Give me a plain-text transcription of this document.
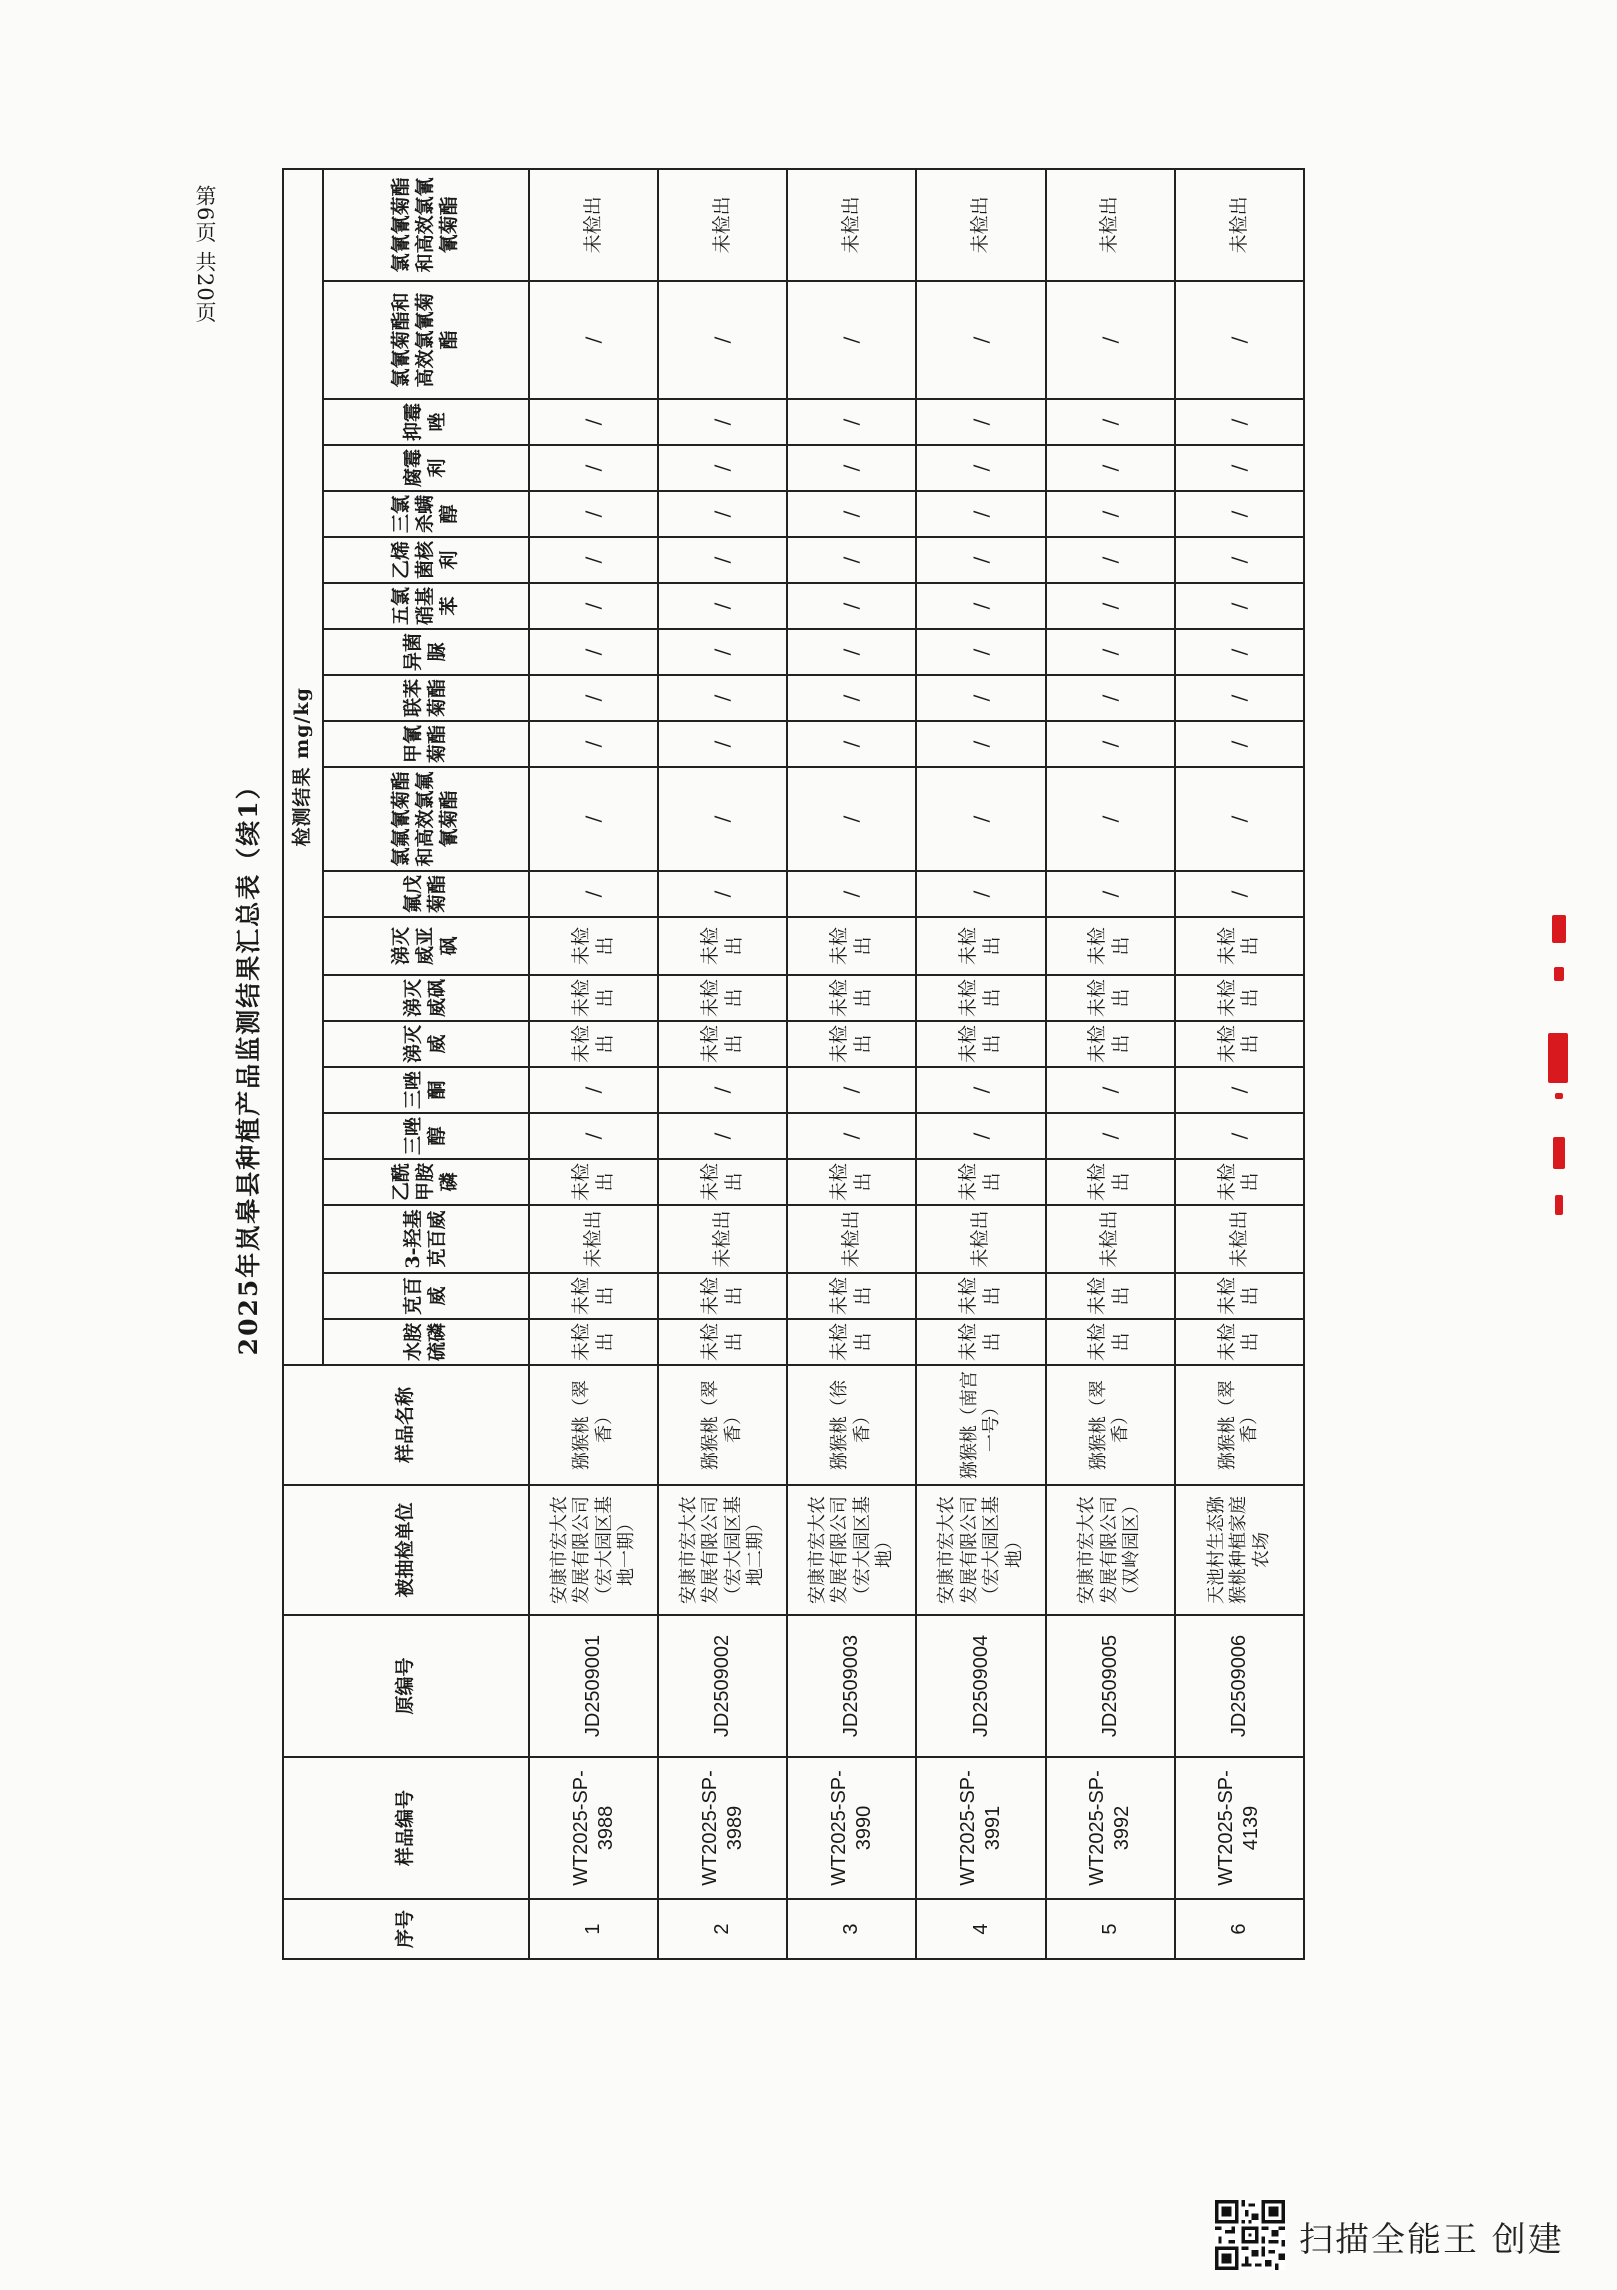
第6页 共20页
2025年岚皋县种植产品监测结果汇总表（续1）																									
序号	样品编号	原编号	被抽检单位	样品名称	检测结果 mg/kg																				
					水胺硫磷	克百威	3-羟基克百威	乙酰甲胺磷	三唑醇	三唑酮	涕灭威	涕灭威砜	涕灭威亚砜	氟戊菊酯	氯氟氰菊酯和高效氯氟氰菊酯	甲氰菊酯	联苯菊酯	异菌脲	五氯硝基苯	乙烯菌核利	三氯杀螨醇	腐霉利	抑霉唑	氯氰菊酯和高效氯氰菊酯	氯氰氰菊酯和高效氯氰氰菊酯
1	WT2025-SP-3988	JD2509001	安康市宏大农发展有限公司（宏大园区基地一期）	猕猴桃（翠香）	未检出	未检出	未检出	未检出	/	/	未检出	未检出	未检出	/	/	/	/	/	/	/	/	/	/	/	未检出
2	WT2025-SP-3989	JD2509002	安康市宏大农发展有限公司（宏大园区基地二期）	猕猴桃（翠香）	未检出	未检出	未检出	未检出	/	/	未检出	未检出	未检出	/	/	/	/	/	/	/	/	/	/	/	未检出
3	WT2025-SP-3990	JD2509003	安康市宏大农发展有限公司（宏大园区基地）	猕猴桃（徐香）	未检出	未检出	未检出	未检出	/	/	未检出	未检出	未检出	/	/	/	/	/	/	/	/	/	/	/	未检出
4	WT2025-SP-3991	JD2509004	安康市宏大农发展有限公司（宏大园区基地）	猕猴桃（南宫一号）	未检出	未检出	未检出	未检出	/	/	未检出	未检出	未检出	/	/	/	/	/	/	/	/	/	/	/	未检出
5	WT2025-SP-3992	JD2509005	安康市宏大农发展有限公司（双岭园区）	猕猴桃（翠香）	未检出	未检出	未检出	未检出	/	/	未检出	未检出	未检出	/	/	/	/	/	/	/	/	/	/	/	未检出
6	WT2025-SP-4139	JD2509006	天池村生态猕猴桃种植家庭农场	猕猴桃（翠香）	未检出	未检出	未检出	未检出	/	/	未检出	未检出	未检出	/	/	/	/	/	/	/	/	/	/	/	未检出
扫描全能王 创建
